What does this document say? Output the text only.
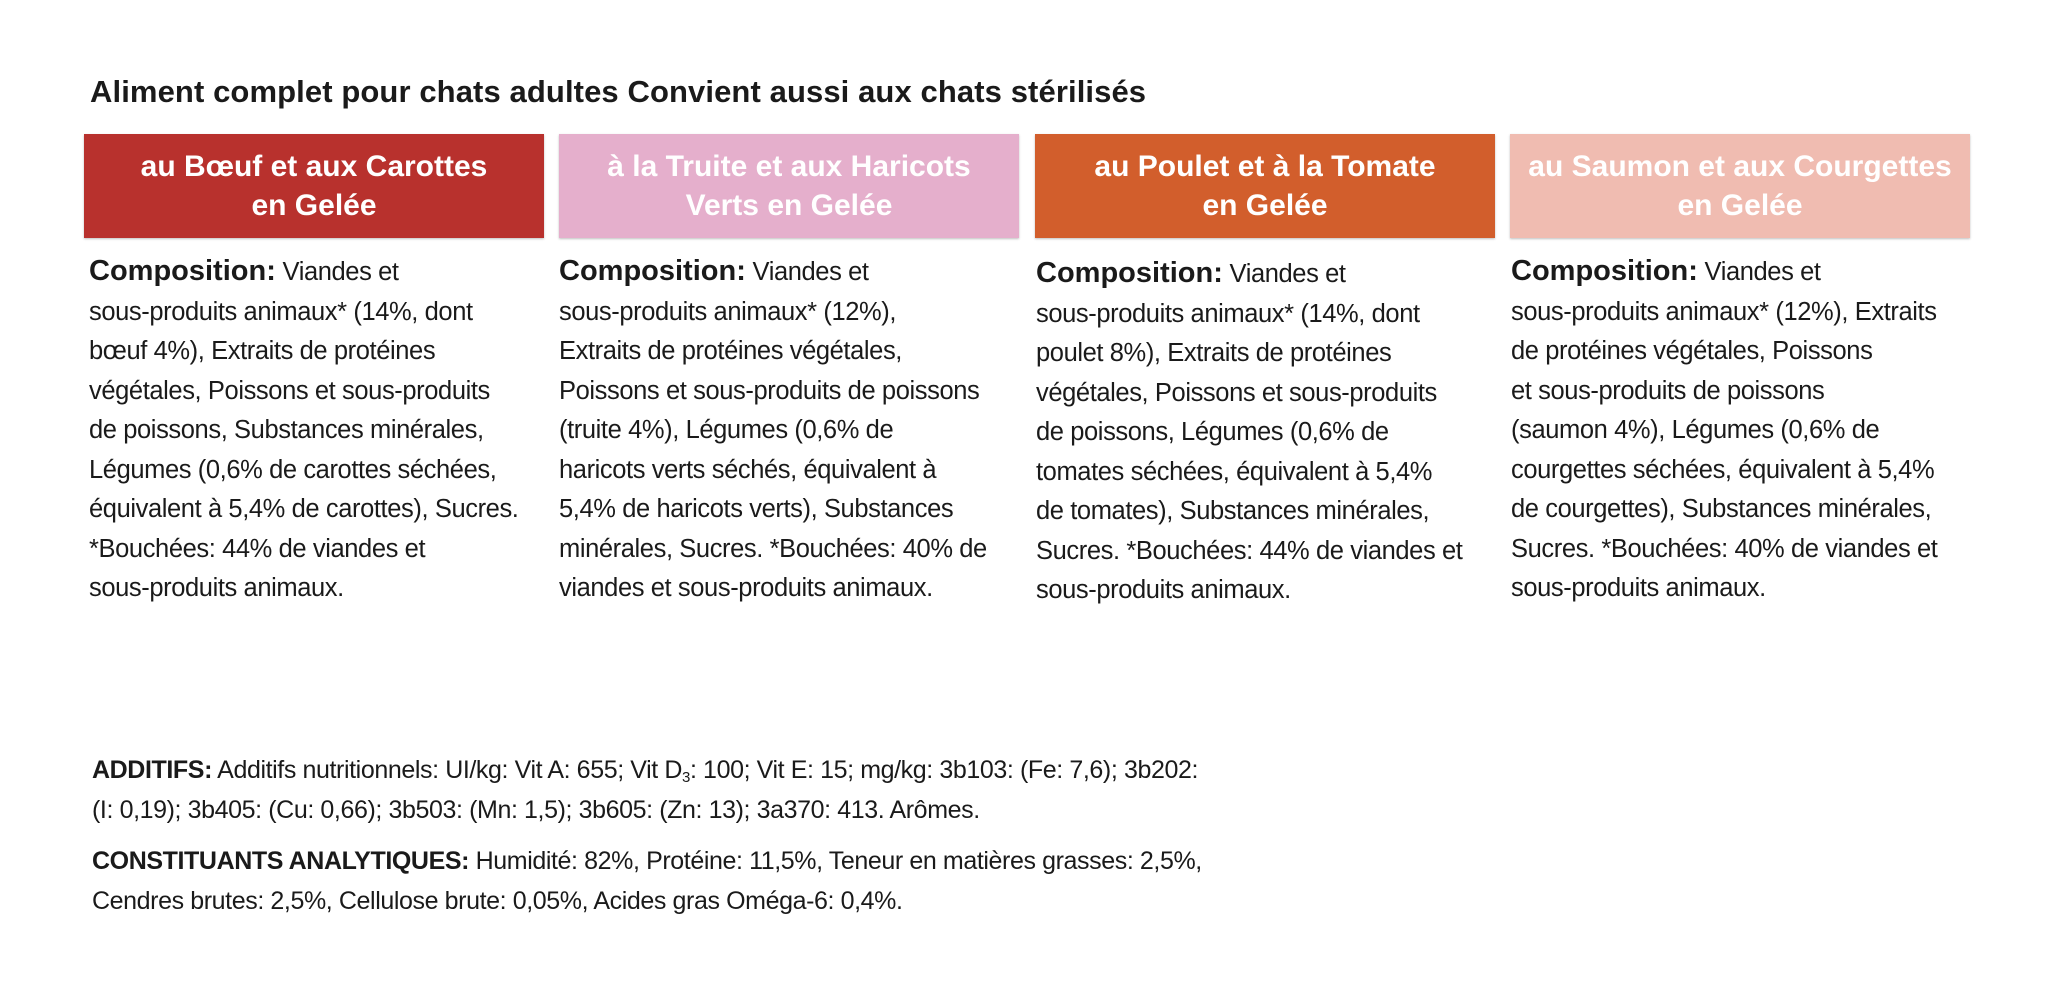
Aliment complet pour chats adultes Convient aussi aux chats stérilisés
au Bœuf et aux Carottes
en Gelée
Composition: Viandes et
sous-produits animaux* (14%, dont
bœuf 4%), Extraits de protéines
végétales, Poissons et sous-produits
de poissons, Substances minérales,
Légumes (0,6% de carottes séchées,
équivalent à 5,4% de carottes), Sucres.
*Bouchées: 44% de viandes et
sous-produits animaux.
à la Truite et aux Haricots
Verts en Gelée
Composition: Viandes et
sous-produits animaux* (12%),
Extraits de protéines végétales,
Poissons et sous-produits de poissons
(truite 4%), Légumes (0,6% de
haricots verts séchés, équivalent à
5,4% de haricots verts), Substances
minérales, Sucres. *Bouchées: 40% de
viandes et sous-produits animaux.
au Poulet et à la Tomate
en Gelée
Composition: Viandes et
sous-produits animaux* (14%, dont
poulet 8%), Extraits de protéines
végétales, Poissons et sous-produits
de poissons, Légumes (0,6% de
tomates séchées, équivalent à 5,4%
de tomates), Substances minérales,
Sucres. *Bouchées: 44% de viandes et
sous-produits animaux.
au Saumon et aux Courgettes
en Gelée
Composition: Viandes et
sous-produits animaux* (12%), Extraits
de protéines végétales, Poissons
et sous-produits de poissons
(saumon 4%), Légumes (0,6% de
courgettes séchées, équivalent à 5,4%
de courgettes), Substances minérales,
Sucres. *Bouchées: 40% de viandes et
sous-produits animaux.
ADDITIFS: Additifs nutritionnels: UI/kg: Vit A: 655; Vit $D_3$: 100; Vit E: 15; mg/kg: 3b103: (Fe: 7,6); 3b202:
(I: 0,19); 3b405: (Cu: 0,66); 3b503: (Mn: 1,5); 3b605: (Zn: 13); 3a370: 413. Arômes.
CONSTITUANTS ANALYTIQUES: Humidité: 82%, Protéine: 11,5%, Teneur en matières grasses: 2,5%,
Cendres brutes: 2,5%, Cellulose brute: 0,05%, Acides gras Oméga-6: 0,4%.
